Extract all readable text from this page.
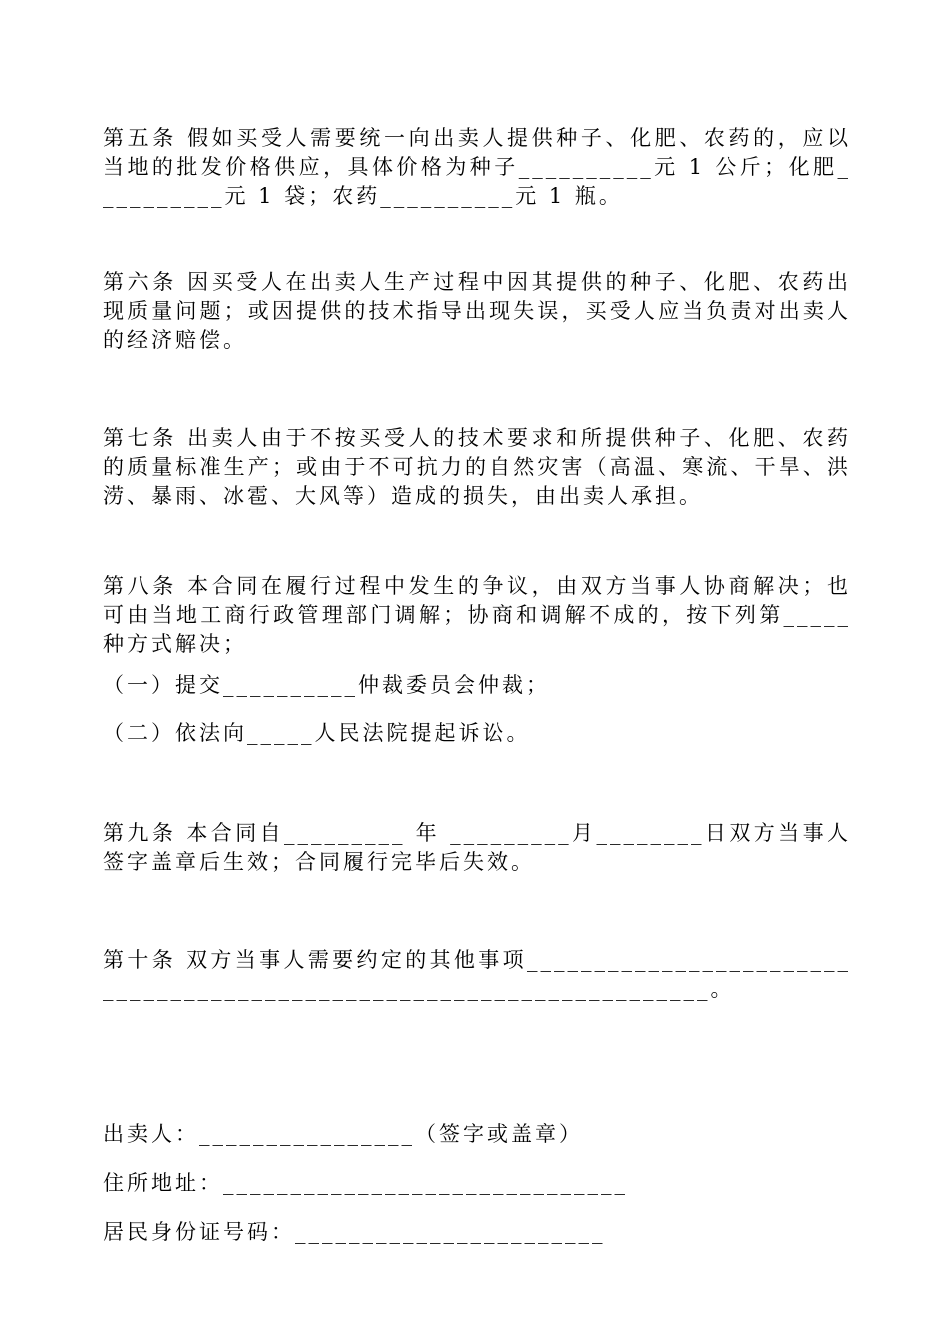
第五条 假如买受人需要统一向出卖人提供种子、化肥、农药的，应以当地的批发价格供应，具体价格为种子__________元 1 公斤；化肥__________元 1 袋；农药__________元 1 瓶。

第六条 因买受人在出卖人生产过程中因其提供的种子、化肥、农药出现质量问题；或因提供的技术指导出现失误，买受人应当负责对出卖人的经济赔偿。

第七条 出卖人由于不按买受人的技术要求和所提供种子、化肥、农药的质量标准生产；或由于不可抗力的自然灾害（高温、寒流、干旱、洪涝、暴雨、冰雹、大风等）造成的损失，由出卖人承担。

第八条 本合同在履行过程中发生的争议，由双方当事人协商解决；也可由当地工商行政管理部门调解；协商和调解不成的，按下列第_____种方式解决；

（一）提交__________仲裁委员会仲裁；

（二）依法向_____人民法院提起诉讼。

第九条 本合同自_________ 年 _________月________日双方当事人签字盖章后生效；合同履行完毕后失效。

第十条 双方当事人需要约定的其他事项_____________________________________________________________________。

出卖人：________________（签字或盖章）

住所地址：______________________________

居民身份证号码：_______________________
